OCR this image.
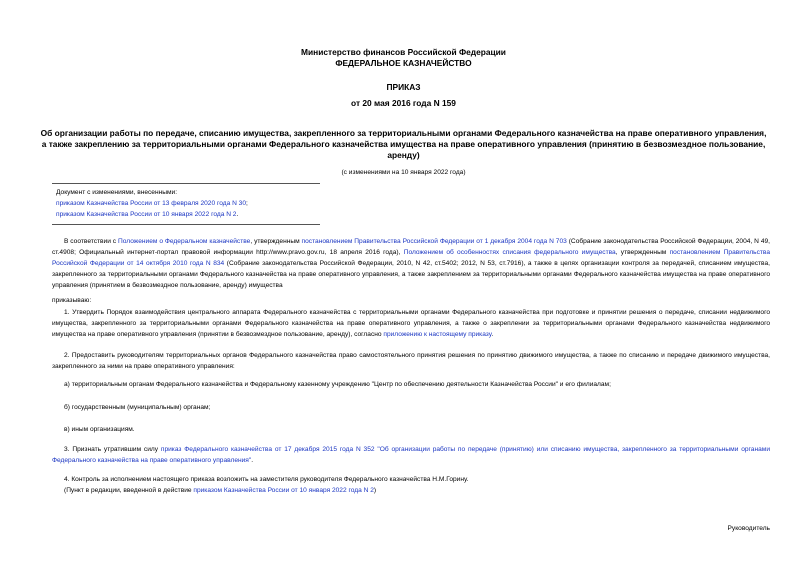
Министерство финансов Российской Федерации
ФЕДЕРАЛЬНОЕ КАЗНАЧЕЙСТВО
ПРИКАЗ
от 20 мая 2016 года N 159
Об организации работы по передаче, списанию имущества, закрепленного за территориальными органами Федерального казначейства на праве оперативного управления, а также закреплению за территориальными органами Федерального казначейства имущества на праве оперативного управления (принятию в безвозмездное пользование, аренду)
(с изменениями на 10 января 2022 года)
Документ с изменениями, внесенными:
приказом Казначейства России от 13 февраля 2020 года N 30;
приказом Казначейства России от 10 января 2022 года N 2.
В соответствии с Положением о Федеральном казначействе, утвержденным постановлением Правительства Российской Федерации от 1 декабря 2004 года N 703 (Собрание законодательства Российской Федерации, 2004, N 49, ст.4908; Официальный интернет-портал правовой информации http://www.pravo.gov.ru, 18 апреля 2016 года), Положением об особенностях списания федерального имущества, утвержденным постановлением Правительства Российской Федерации от 14 октября 2010 года N 834 (Собрание законодательства Российской Федерации, 2010, N 42, ст.5402; 2012, N 53, ст.7916), а также в целях организации контроля за передачей, списанием имущества, закрепленного за территориальными органами Федерального казначейства на праве оперативного управления, а также закреплением за территориальными органами Федерального казначейства имущества на праве оперативного управления (принятием в безвозмездное пользование, аренду) имущества
приказываю:
1. Утвердить Порядок взаимодействия центрального аппарата Федерального казначейства с территориальными органами Федерального казначейства при подготовке и принятии решения о передаче, списании недвижимого имущества, закрепленного за территориальными органами Федерального казначейства на праве оперативного управления, а также о закреплении за территориальными органами Федерального казначейства недвижимого имущества на праве оперативного управления (принятии в безвозмездное пользование, аренду), согласно приложению к настоящему приказу.
2. Предоставить руководителям территориальных органов Федерального казначейства право самостоятельного принятия решения по принятию движимого имущества, а также по списанию и передаче движимого имущества, закрепленного за ними на праве оперативного управления:
а) территориальным органам Федерального казначейства и Федеральному казенному учреждению "Центр по обеспечению деятельности Казначейства России" и его филиалам;
б) государственным (муниципальным) органам;
в) иным организациям.
3. Признать утратившим силу приказ Федерального казначейства от 17 декабря 2015 года N 352 "Об организации работы по передаче (принятию) или списанию имущества, закрепленного за территориальными органами Федерального казначейства на праве оперативного управления".
4. Контроль за исполнением настоящего приказа возложить на заместителя руководителя Федерального казначейства Н.М.Горину.
(Пункт в редакции, введенной в действие приказом Казначейства России от 10 января 2022 года N 2)
Руководитель
